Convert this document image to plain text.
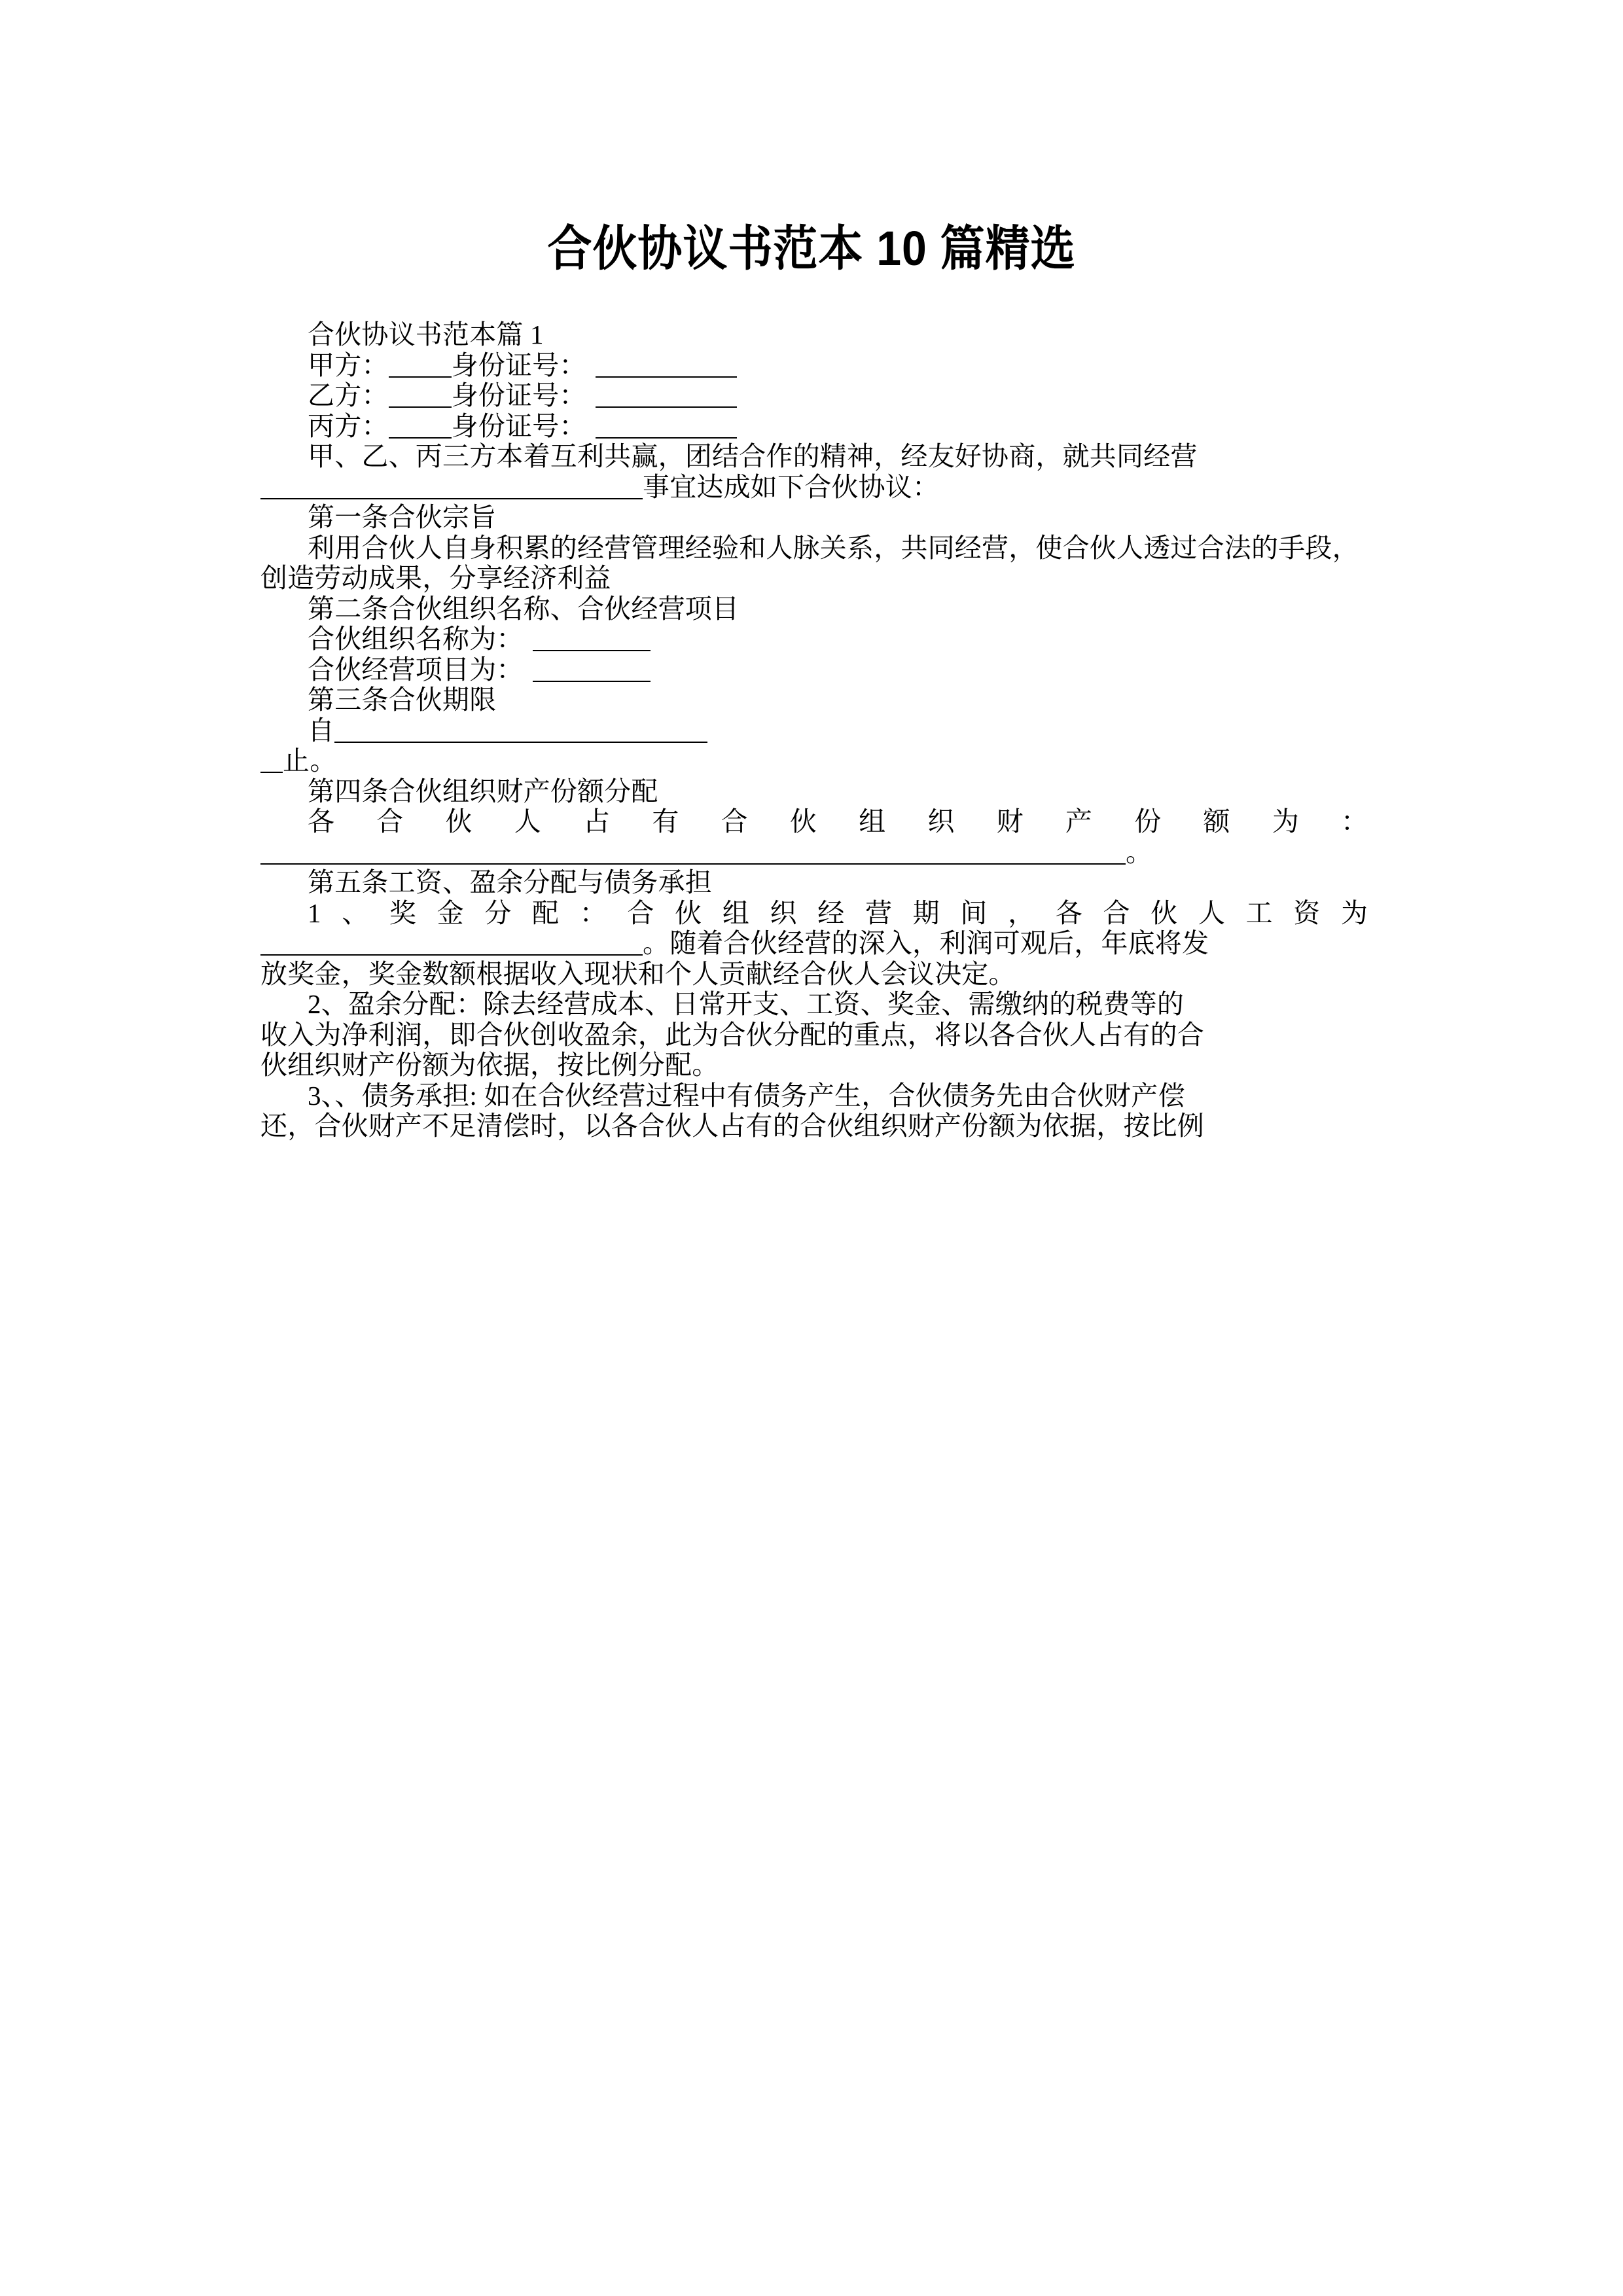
合伙协议书范本 10 篇精选

合伙协议书范本篇 1

甲方： 身份证号：

乙方： 身份证号：

丙方： 身份证号：

甲、乙、丙三方本着互利共赢，团结合作的精神，经友好协商，就共同经营

事宜达成如下合伙协议：

第一条合伙宗旨

利用合伙人自身积累的经营管理经验和人脉关系，共同经营，使合伙人透过合法的手段，创造劳动成果，分享经济利益

第二条合伙组织名称、合伙经营项目

合伙组织名称为：

合伙经营项目为：

第三条合伙期限

自

止。

第四条合伙组织财产份额分配

各合伙人占有合伙组织财产份额为：

。

第五条工资、盈余分配与债务承担

1、奖金分配：合伙组织经营期间，各合伙人工资为

。随着合伙经营的深入，利润可观后，年底将发

放奖金，奖金数额根据收入现状和个人贡献经合伙人会议决定。

2、盈余分配：除去经营成本、日常开支、工资、奖金、需缴纳的税费等的

收入为净利润，即合伙创收盈余，此为合伙分配的重点，将以各合伙人占有的合

伙组织财产份额为依据，按比例分配。

3、、债务承担: 如在合伙经营过程中有债务产生，合伙债务先由合伙财产偿

还，合伙财产不足清偿时，以各合伙人占有的合伙组织财产份额为依据，按比例
